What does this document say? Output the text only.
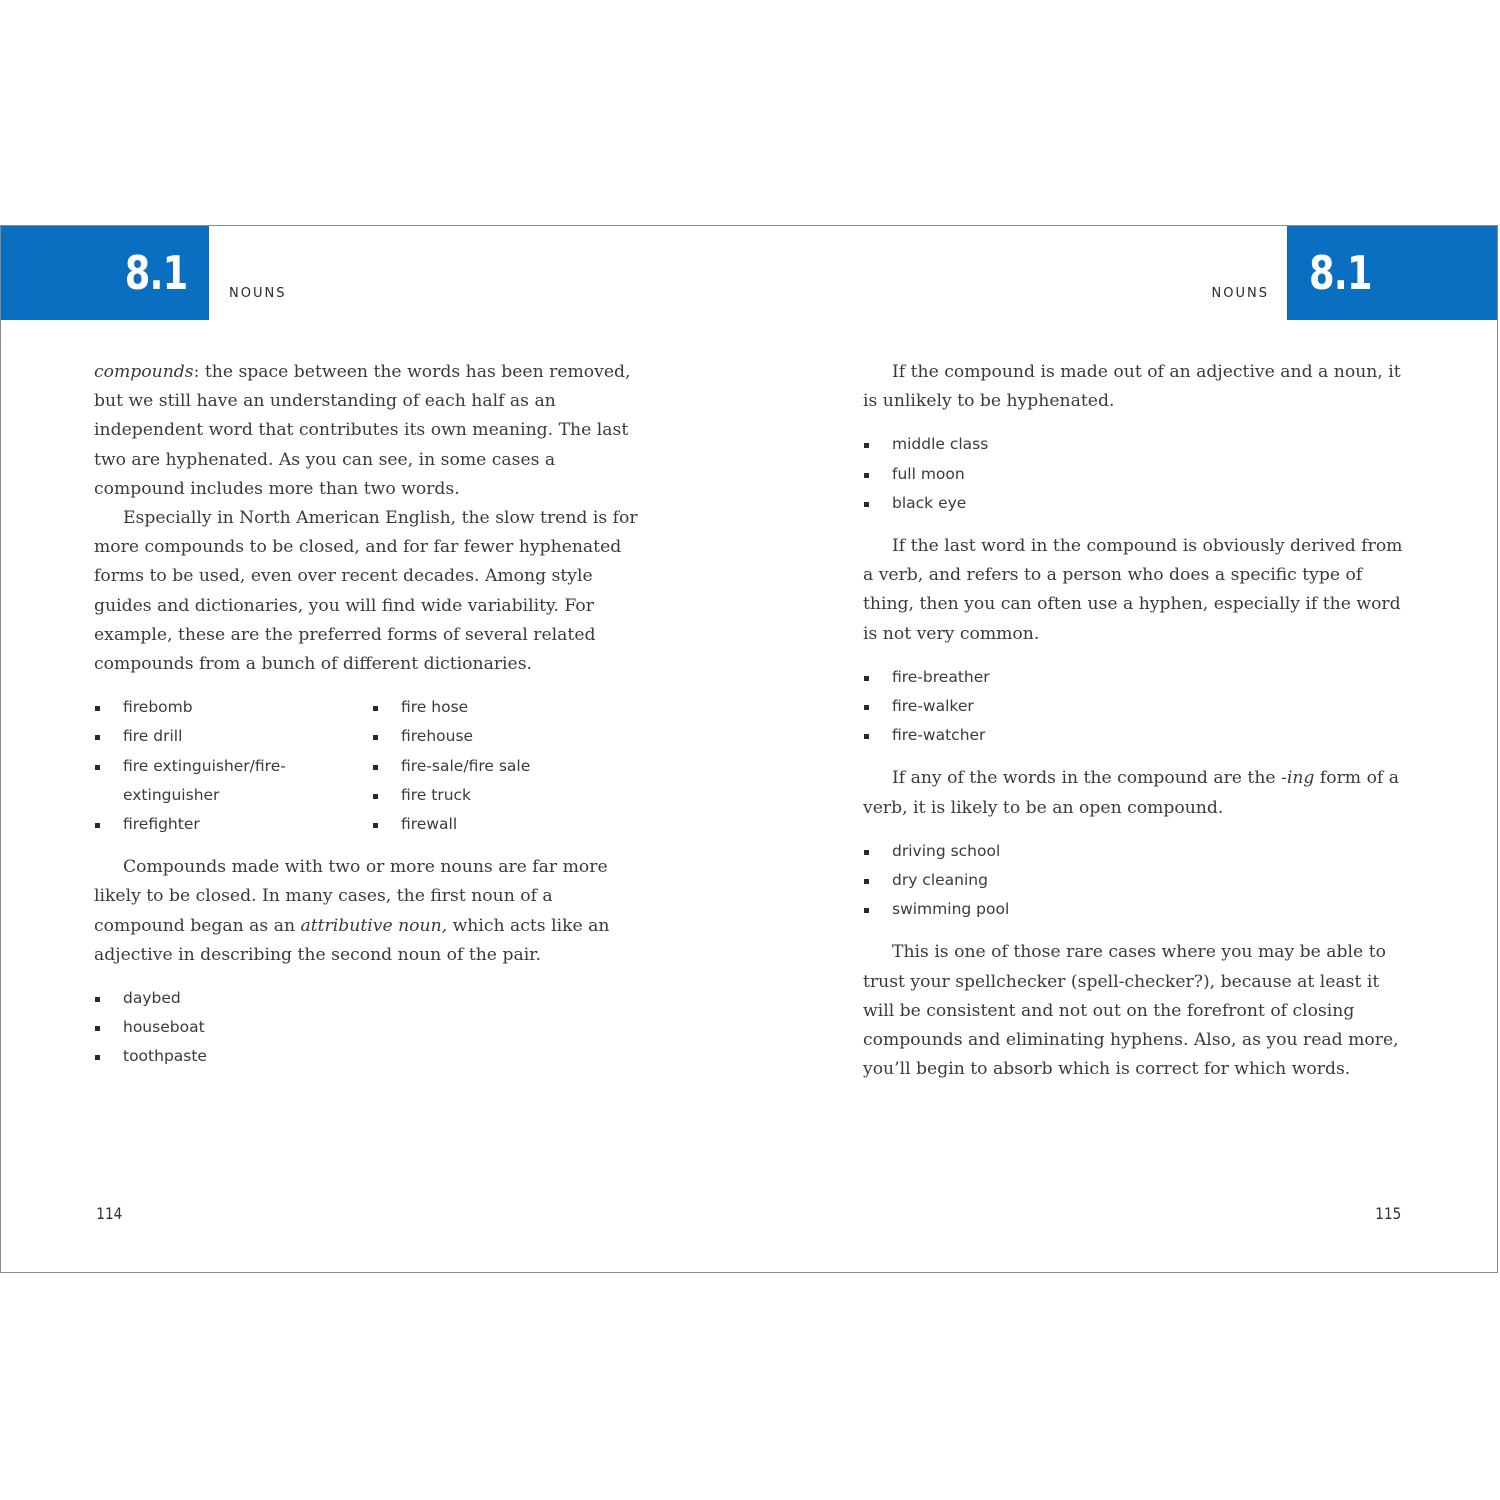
8.1	NOUNS	8.1
NOUNS

compounds: the space between the words has been removed, but we still have an understanding of each half as an independent word that contributes its own meaning. The last two are hyphenated. As you can see, in some cases a compound includes more than two words.

Especially in North American English, the slow trend is for more compounds to be closed, and for far fewer hyphenated forms to be used, even over recent decades. Among style guides and dictionaries, you will find wide variability. For example, these are the preferred forms of several related compounds from a bunch of different dictionaries.

firebomb
fire drill
fire extinguisher/fire-extinguisher
firefighter
fire hose
firehouse
fire-sale/fire sale
fire truck
firewall

Compounds made with two or more nouns are far more likely to be closed. In many cases, the first noun of a compound began as an attributive noun, which acts like an adjective in describing the second noun of the pair.

daybed
houseboat
toothpaste

If the compound is made out of an adjective and a noun, it is unlikely to be hyphenated.

middle class
full moon
black eye

If the last word in the compound is obviously derived from a verb, and refers to a person who does a specific type of thing, then you can often use a hyphen, especially if the word is not very common.

fire-breather
fire-walker
fire-watcher

If any of the words in the compound are the -ing form of a verb, it is likely to be an open compound.

driving school
dry cleaning
swimming pool

This is one of those rare cases where you may be able to trust your spellchecker (spell-checker?), because at least it will be consistent and not out on the forefront of closing compounds and eliminating hyphens. Also, as you read more, you’ll begin to absorb which is correct for which words.

114	115
